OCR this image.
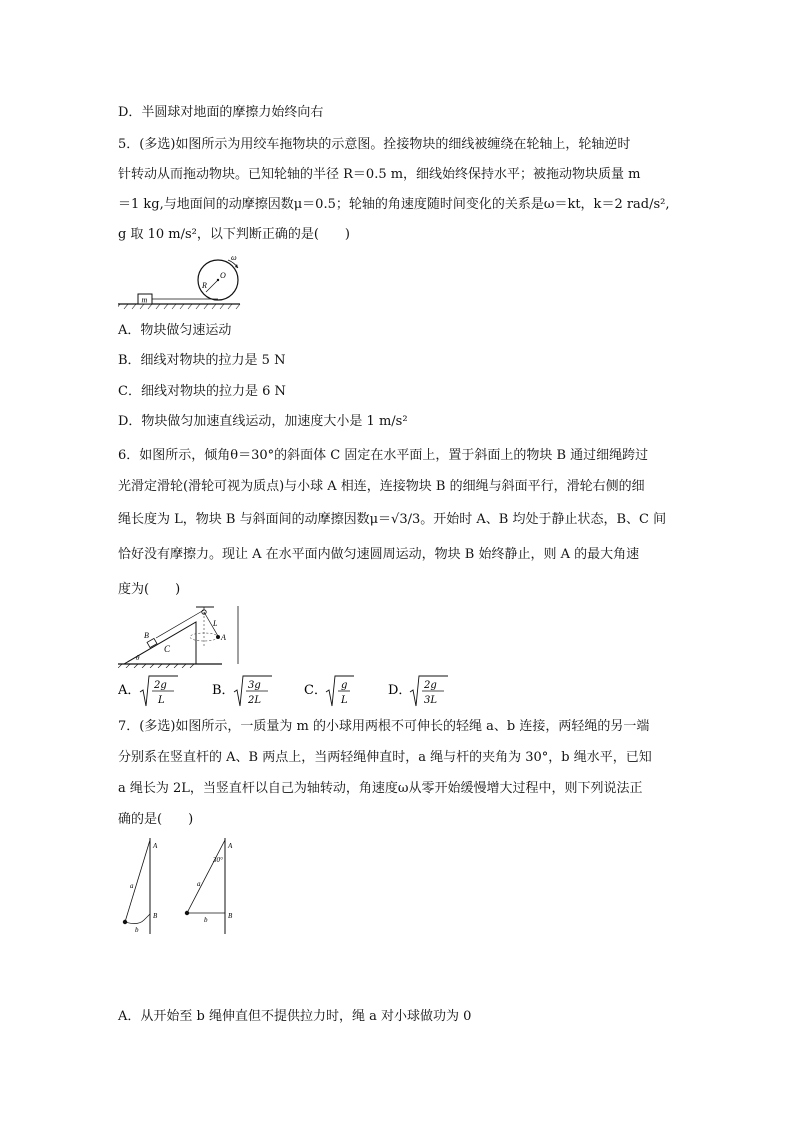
D．半圆球对地面的摩擦力始终向右
5．(多选)如图所示为用绞车拖物块的示意图。拴接物块的细线被缠绕在轮轴上，轮轴逆时
针转动从而拖动物块。已知轮轴的半径 R＝0.5 m，细线始终保持水平；被拖动物块质量 m
＝1 kg,与地面间的动摩擦因数μ＝0.5；轮轴的角速度随时间变化的关系是ω＝kt，k＝2 rad/s²,
g 取 10 m/s²，以下判断正确的是(　　)
m
O
R
ω
A．物块做匀速运动
B．细线对物块的拉力是 5 N
C．细线对物块的拉力是 6 N
D．物块做匀加速直线运动，加速度大小是 1 m/s²
6．如图所示，倾角θ＝30°的斜面体 C 固定在水平面上，置于斜面上的物块 B 通过细绳跨过
光滑定滑轮(滑轮可视为质点)与小球 A 相连，连接物块 B 的细绳与斜面平行，滑轮右侧的细
绳长度为 L，物块 B 与斜面间的动摩擦因数μ＝√3/3。开始时 A、B 均处于静止状态，B、C 间
恰好没有摩擦力。现让 A 在水平面内做匀速圆周运动，物块 B 始终静止，则 A 的最大角速
度为(　　)
C
θ
B	A
L
A． 2g
L
B． 3g
2L
C． g
L
D． 2g
3L
7．(多选)如图所示，一质量为 m 的小球用两根不可伸长的轻绳 a、b 连接，两轻绳的另一端
分别系在竖直杆的 A、B 两点上，当两轻绳伸直时，a 绳与杆的夹角为 30°，b 绳水平，已知
a 绳长为 2L，当竖直杆以自己为轴转动，角速度ω从零开始缓慢增大过程中，则下列说法正
确的是(　　)
A
B
a
b
A
B
a
b
30°
A．从开始至 b 绳伸直但不提供拉力时，绳 a 对小球做功为 0
